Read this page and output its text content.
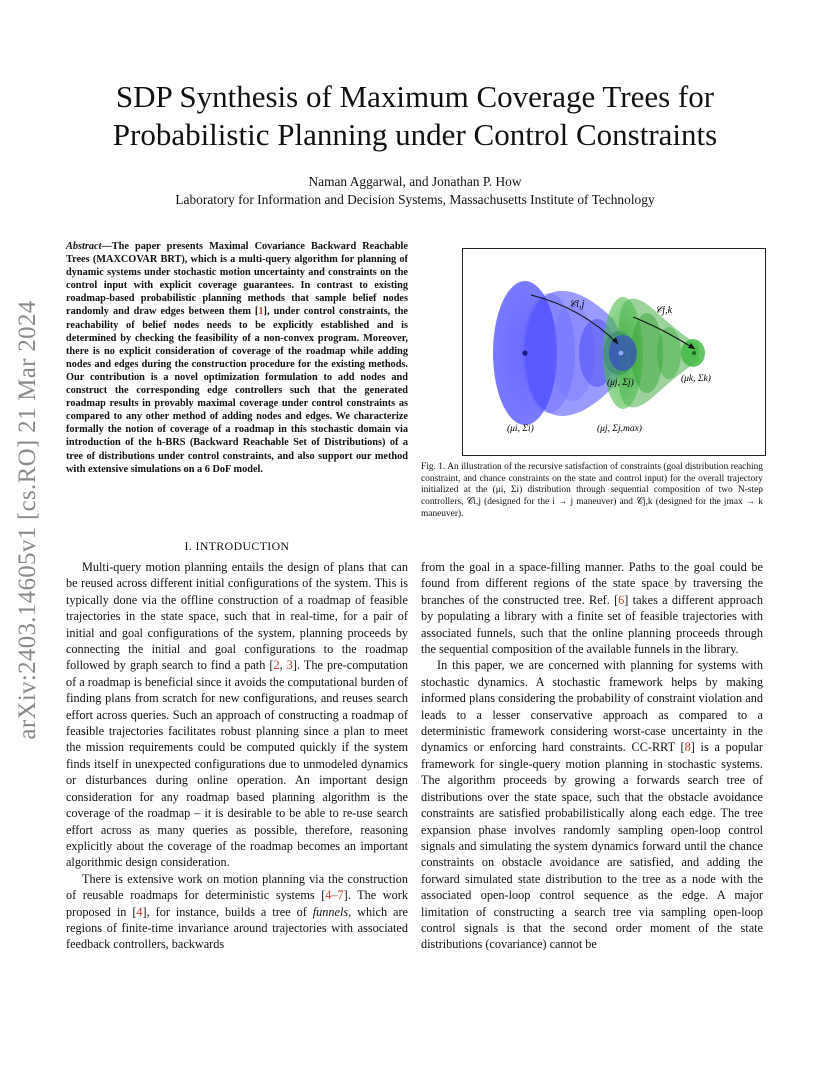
arXiv:2403.14605v1 [cs.RO] 21 Mar 2024
SDP Synthesis of Maximum Coverage Trees for
Probabilistic Planning under Control Constraints
Naman Aggarwal, and Jonathan P. How
Laboratory for Information and Decision Systems, Massachusetts Institute of Technology
Abstract—The paper presents Maximal Covariance Backward Reachable Trees (MAXCOVAR BRT), which is a multi-query algorithm for planning of dynamic systems under stochastic motion uncertainty and constraints on the control input with explicit coverage guarantees. In contrast to existing roadmap-based probabilistic planning methods that sample belief nodes randomly and draw edges between them [1], under control constraints, the reachability of belief nodes needs to be explicitly established and is determined by checking the feasibility of a non-convex program. Moreover, there is no explicit consideration of coverage of the roadmap while adding nodes and edges during the construction procedure for the existing methods. Our contribution is a novel optimization formulation to add nodes and construct the corresponding edge controllers such that the generated roadmap results in provably maximal coverage under control constraints as compared to any other method of adding nodes and edges. We characterize formally the notion of coverage of a roadmap in this stochastic domain via introduction of the h-BRS (Backward Reachable Set of Distributions) of a tree of distributions under control constraints, and also support our method with extensive simulations on a 6 DoF model.
𝒞i,j
𝒞j,k
(μj, Σj)	(μk, Σk)
(μi, Σi)	(μj, Σj,max)
Fig. 1. An illustration of the recursive satisfaction of constraints (goal distribution reaching constraint, and chance constraints on the state and control input) for the overall trajectory initialized at the (μi, Σi) distribution through sequential composition of two N-step controllers, 𝒞i,j (designed for the i → j maneuver) and 𝒞j,k (designed for the jmax → k maneuver).
I. INTRODUCTION

Multi-query motion planning entails the design of plans that can be reused across different initial configurations of the system. This is typically done via the offline construction of a roadmap of feasible trajectories in the state space, such that in real-time, for a pair of initial and goal configurations of the system, planning proceeds by connecting the initial and goal configurations to the roadmap followed by graph search to find a path [2, 3]. The pre-computation of a roadmap is beneficial since it avoids the computational burden of finding plans from scratch for new configurations, and reuses search effort across queries. Such an approach of constructing a roadmap of feasible trajectories facilitates robust planning since a plan to meet the mission requirements could be computed quickly if the system finds itself in unexpected configurations due to unmodeled dynamics or disturbances during online operation. An important design consideration for any roadmap based planning algorithm is the coverage of the roadmap – it is desirable to be able to re-use search effort across as many queries as possible, therefore, reasoning explicitly about the coverage of the roadmap becomes an important algorithmic design consideration.

There is extensive work on motion planning via the construction of reusable roadmaps for deterministic systems [4–7]. The work proposed in [4], for instance, builds a tree of funnels, which are regions of finite-time invariance around trajectories with associated feedback controllers, backwards

from the goal in a space-filling manner. Paths to the goal could be found from different regions of the state space by traversing the branches of the constructed tree. Ref. [6] takes a different approach by populating a library with a finite set of feasible trajectories with associated funnels, such that the online planning proceeds through the sequential composition of the available funnels in the library.

In this paper, we are concerned with planning for systems with stochastic dynamics. A stochastic framework helps by making informed plans considering the probability of constraint violation and leads to a lesser conservative approach as compared to a deterministic framework considering worst-case uncertainty in the dynamics or enforcing hard constraints. CC-RRT [8] is a popular framework for single-query motion planning in stochastic systems. The algorithm proceeds by growing a forwards search tree of distributions over the state space, such that the obstacle avoidance constraints are satisfied probabilistically along each edge. The tree expansion phase involves randomly sampling open-loop control signals and simulating the system dynamics forward until the chance constraints on obstacle avoidance are satisfied, and adding the forward simulated state distribution to the tree as a node with the associated open-loop control sequence as the edge. A major limitation of constructing a search tree via sampling open-loop control signals is that the second order moment of the state distributions (covariance) cannot be
